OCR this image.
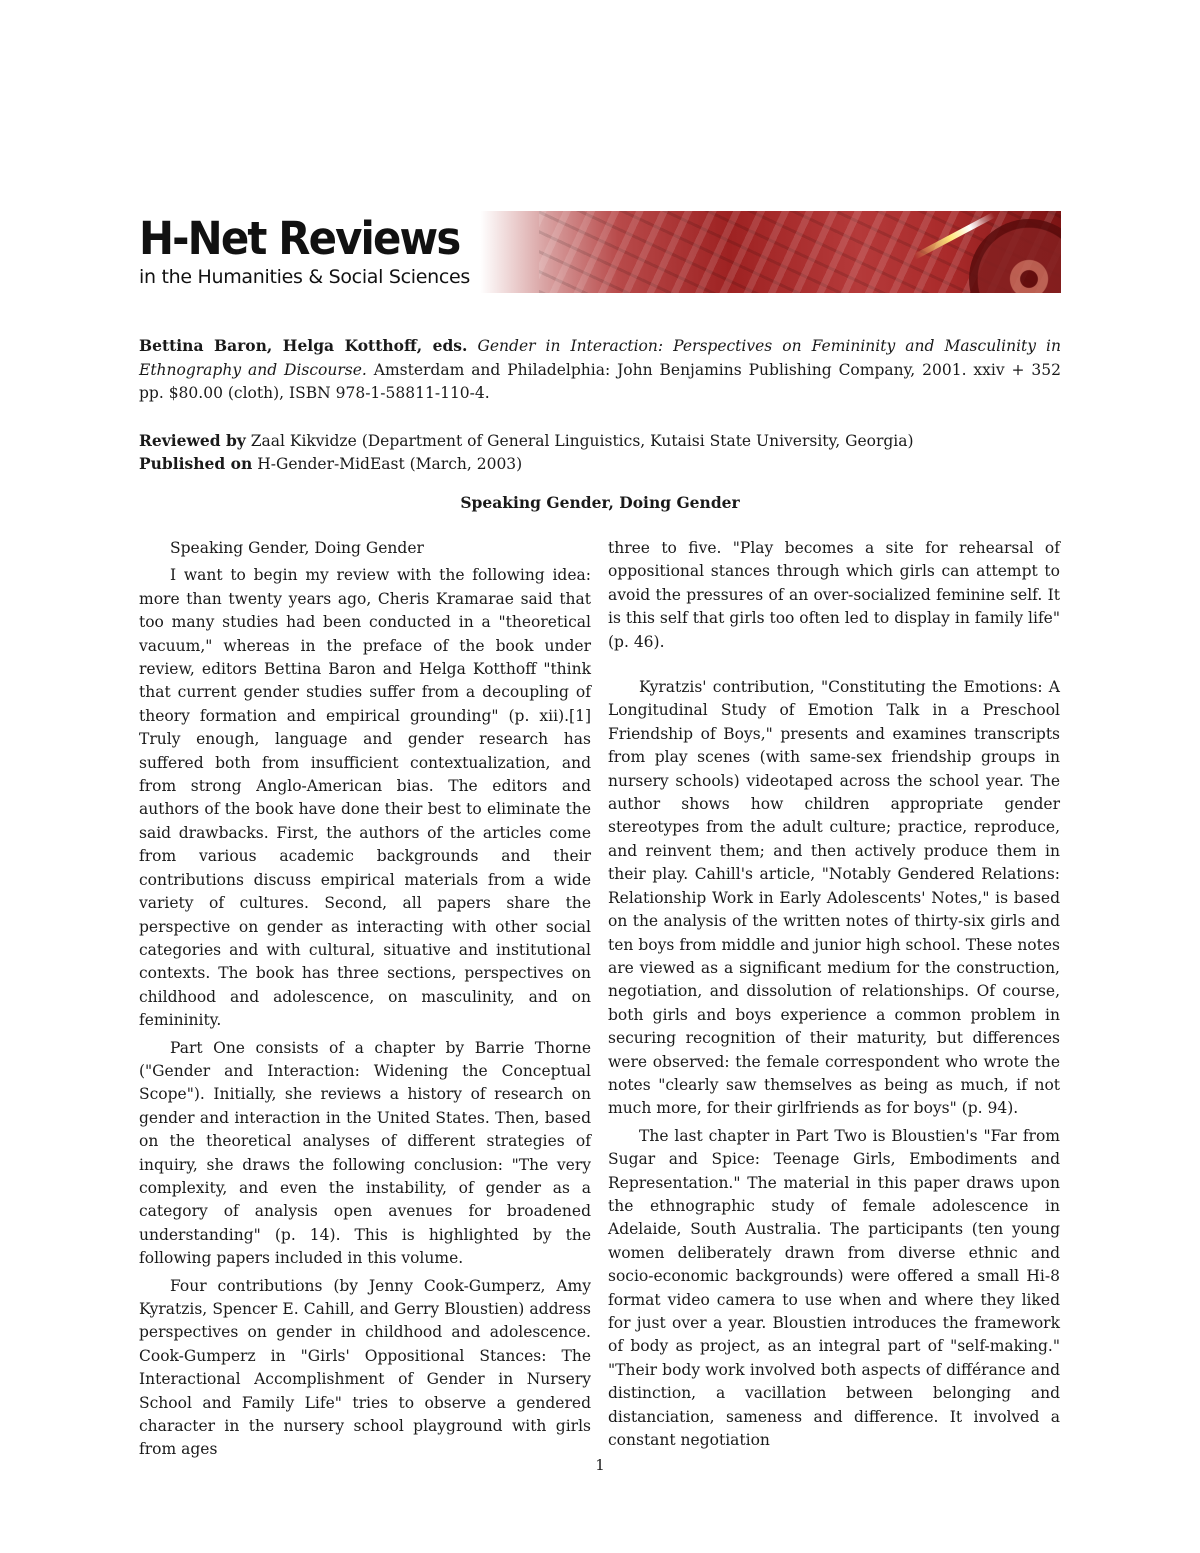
H-Net Reviews
in the Humanities & Social Sciences
Bettina Baron, Helga Kotthoff, eds. Gender in Interaction: Perspectives on Femininity and Masculinity in Ethnography and Discourse. Amsterdam and Philadelphia: John Benjamins Publishing Company, 2001. xxiv + 352 pp. $80.00 (cloth), ISBN 978-1-58811-110-4.
Reviewed by Zaal Kikvidze (Department of General Linguistics, Kutaisi State University, Georgia)
Published on H-Gender-MidEast (March, 2003)
Speaking Gender, Doing Gender

Speaking Gender, Doing Gender

I want to begin my review with the following idea: more than twenty years ago, Cheris Kramarae said that too many studies had been conducted in a "theoretical vacuum," whereas in the preface of the book under review, editors Bettina Baron and Helga Kotthoff "think that current gender studies suffer from a decoupling of theory formation and empirical grounding" (p. xii).[1] Truly enough, language and gender research has suffered both from insufficient contextualization, and from strong Anglo-American bias. The editors and authors of the book have done their best to eliminate the said drawbacks. First, the authors of the articles come from various academic backgrounds and their contributions discuss empirical materials from a wide variety of cultures. Second, all papers share the perspective on gender as interacting with other social categories and with cultural, situative and institutional contexts. The book has three sections, perspectives on childhood and adolescence, on masculinity, and on femininity.

Part One consists of a chapter by Barrie Thorne ("Gender and Interaction: Widening the Conceptual Scope"). Initially, she reviews a history of research on gender and interaction in the United States. Then, based on the theoretical analyses of different strategies of inquiry, she draws the following conclusion: "The very complexity, and even the instability, of gender as a category of analysis open avenues for broadened understanding" (p. 14). This is highlighted by the following papers included in this volume.

Four contributions (by Jenny Cook-Gumperz, Amy Kyratzis, Spencer E. Cahill, and Gerry Bloustien) address perspectives on gender in childhood and adolescence. Cook-Gumperz in "Girls' Oppositional Stances: The Interactional Accomplishment of Gender in Nursery School and Family Life" tries to observe a gendered character in the nursery school playground with girls from ages

three to five. "Play becomes a site for rehearsal of oppositional stances through which girls can attempt to avoid the pressures of an over-socialized feminine self. It is this self that girls too often led to display in family life" (p. 46).

Kyratzis' contribution, "Constituting the Emotions: A Longitudinal Study of Emotion Talk in a Preschool Friendship of Boys," presents and examines transcripts from play scenes (with same-sex friendship groups in nursery schools) videotaped across the school year. The author shows how children appropriate gender stereotypes from the adult culture; practice, reproduce, and reinvent them; and then actively produce them in their play. Cahill's article, "Notably Gendered Relations: Relationship Work in Early Adolescents' Notes," is based on the analysis of the written notes of thirty-six girls and ten boys from middle and junior high school. These notes are viewed as a significant medium for the construction, negotiation, and dissolution of relationships. Of course, both girls and boys experience a common problem in securing recognition of their maturity, but differences were observed: the female correspondent who wrote the notes "clearly saw themselves as being as much, if not much more, for their girlfriends as for boys" (p. 94).

The last chapter in Part Two is Bloustien's "Far from Sugar and Spice: Teenage Girls, Embodiments and Representation." The material in this paper draws upon the ethnographic study of female adolescence in Adelaide, South Australia. The participants (ten young women deliberately drawn from diverse ethnic and socio-economic backgrounds) were offered a small Hi-8 format video camera to use when and where they liked for just over a year. Bloustien introduces the framework of body as project, as an integral part of "self-making." "Their body work involved both aspects of différance and distinction, a vacillation between belonging and distanciation, sameness and difference. It involved a constant negotiation

1
